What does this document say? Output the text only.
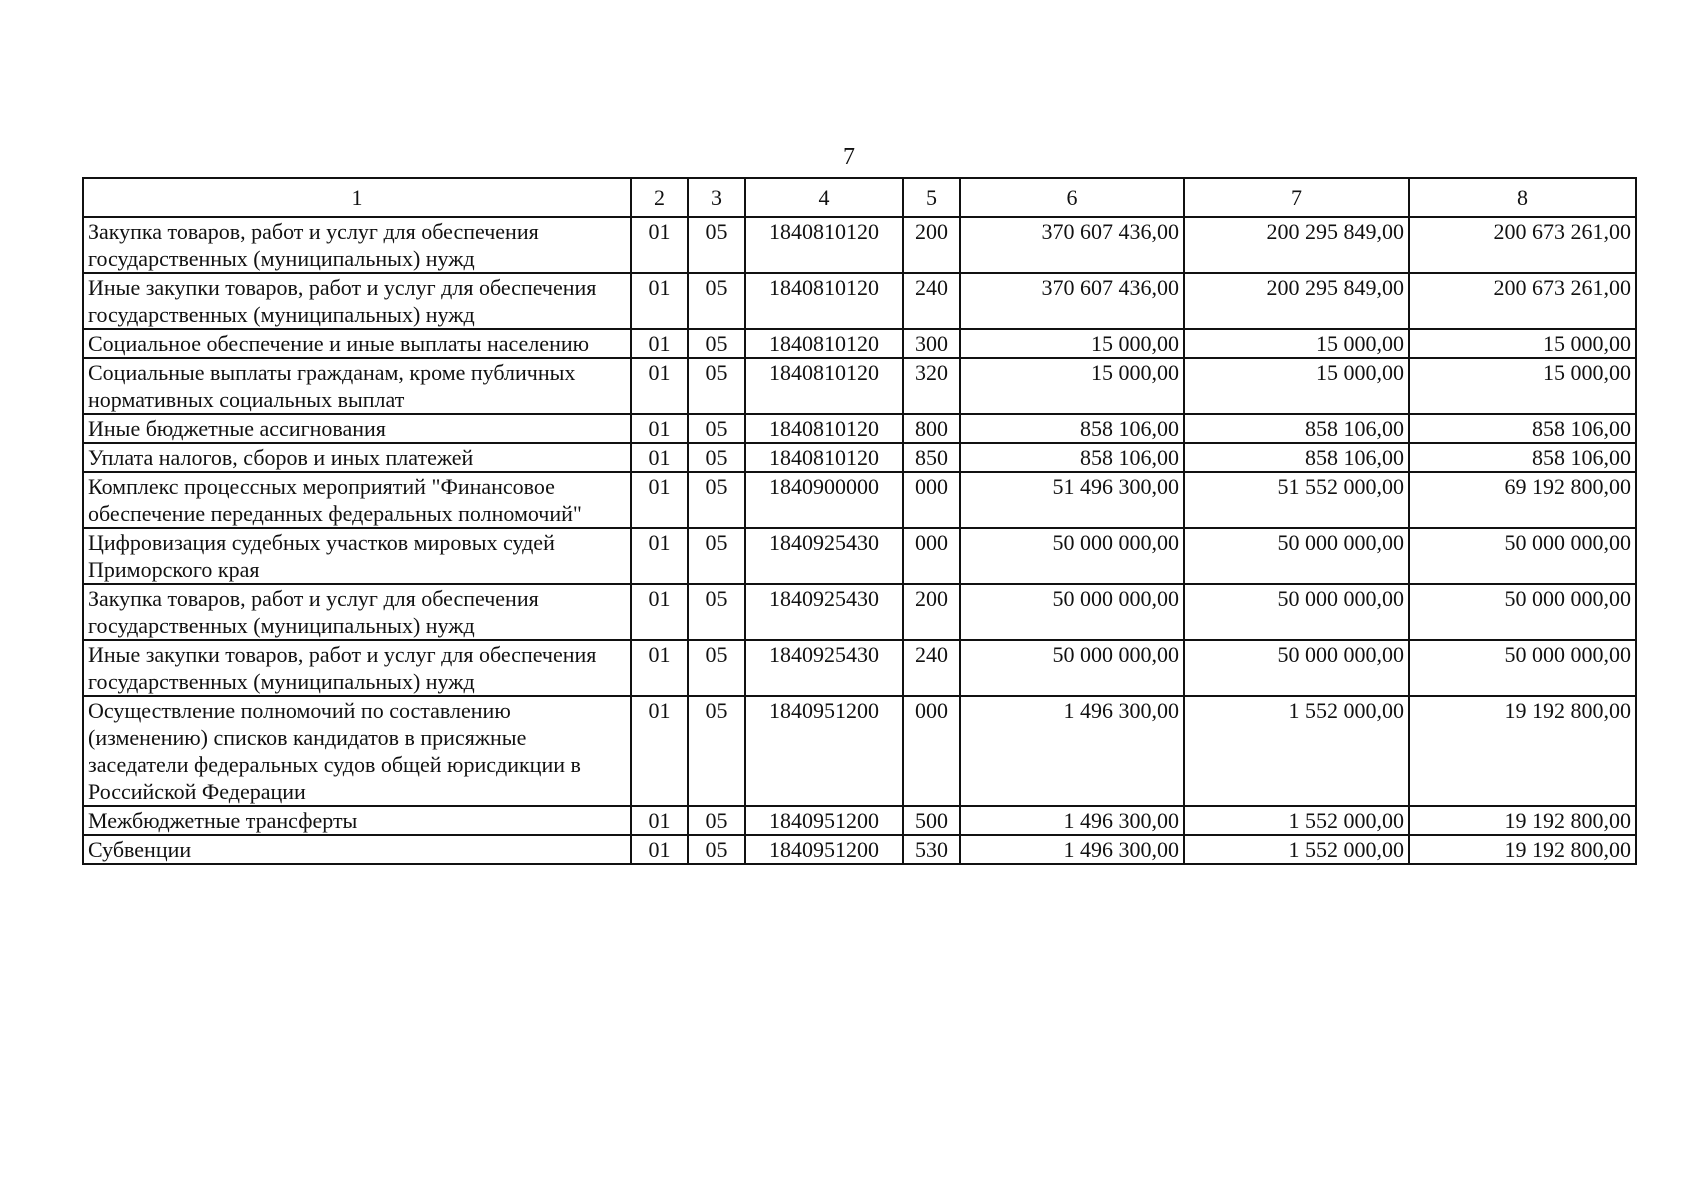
7
1	2	3	4	5	6	7	8
Закупка товаров, работ и услуг для обеспечения государственных (муниципальных) нужд	01	05	1840810120	200	370 607 436,00	200 295 849,00	200 673 261,00
Иные закупки товаров, работ и услуг для обеспечения государственных (муниципальных) нужд	01	05	1840810120	240	370 607 436,00	200 295 849,00	200 673 261,00
Социальное обеспечение и иные выплаты населению	01	05	1840810120	300	15 000,00	15 000,00	15 000,00
Социальные выплаты гражданам, кроме публичных нормативных социальных выплат	01	05	1840810120	320	15 000,00	15 000,00	15 000,00
Иные бюджетные ассигнования	01	05	1840810120	800	858 106,00	858 106,00	858 106,00
Уплата налогов, сборов и иных платежей	01	05	1840810120	850	858 106,00	858 106,00	858 106,00
Комплекс процессных мероприятий "Финансовое обеспечение переданных федеральных полномочий"	01	05	1840900000	000	51 496 300,00	51 552 000,00	69 192 800,00
Цифровизация судебных участков мировых судей Приморского края	01	05	1840925430	000	50 000 000,00	50 000 000,00	50 000 000,00
Закупка товаров, работ и услуг для обеспечения государственных (муниципальных) нужд	01	05	1840925430	200	50 000 000,00	50 000 000,00	50 000 000,00
Иные закупки товаров, работ и услуг для обеспечения государственных (муниципальных) нужд	01	05	1840925430	240	50 000 000,00	50 000 000,00	50 000 000,00
Осуществление полномочий по составлению (изменению) списков кандидатов в присяжные заседатели федеральных судов общей юрисдикции в Российской Федерации	01	05	1840951200	000	1 496 300,00	1 552 000,00	19 192 800,00
Межбюджетные трансферты	01	05	1840951200	500	1 496 300,00	1 552 000,00	19 192 800,00
Субвенции	01	05	1840951200	530	1 496 300,00	1 552 000,00	19 192 800,00
